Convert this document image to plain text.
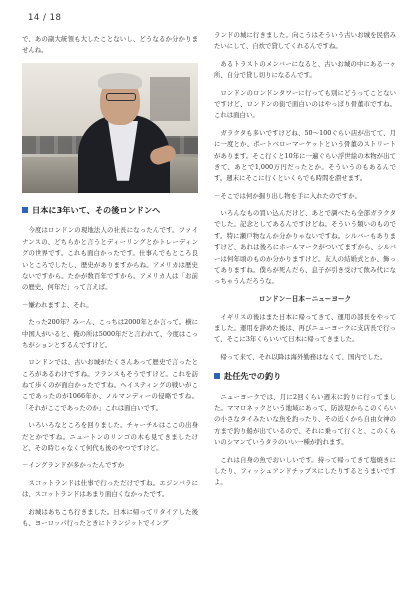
14 / 18

で、あの副大統領も大したことないし、どうなるか分かりませんね。

日本に3年いて、その後ロンドンへ

今度はロンドンの現地法人の社長になったんです。ファイナンスの、どちらかと言うとディーリングとかトレーディングの世界です。これも面白かったです。仕事んでもところ良いところでしたし、歴史がありますからね。アメリカは歴史ないですから。たかが数百年ですから。アメリカ人は「お前の歴史、何年だ」って言えば。

－嫌われますよ、それ。

たった200年？みーん、こっちは2000年とか言って。横に中国人がいると、俺の所は5000年だと言われて、今度はこっちがションとするんですけど。

ロンドンでは、古いお城がたくさんあって歴史で言ったところがあるわけですね。フランスもそうですけど。これを訪ねて歩くのが面白かったですね。ヘイスティングの戦いがここであったのが1066年か、ノルマンディーの侵略ですね。「それがここであったのか」これは面白いです。

いろいろなところを回りました。チャーチルはここの出身だとかですね。ニュートンのリンゴの木も見てきましたけど、その時じゃなくて何代も後のやつですけど。

－イングランドが多かったんですか

スコットランドは仕事で行っただけですね。エジンバラには、スコットランドはあまり面白くなかったです。

お城はあちこち行きました。日本に帰ってリタイアした後も、ヨーロッパ行ったときにトランジットでイング

ランドの城に行きました。向こうはそういう古いお城を民宿みたいにして、自炊で貸してくれるんですね。

あるトラストのメンバーになると、古いお城の中にある一ヶ所、自分で貸し切りになるんです。

ロンドンのロンドンタワーに行っても別にどうってことないですけど、ロンドンの街で面白いのはやっぱり骨董市ですね。これは面白い。

ガラクタも多いですけどね、50～100ぐらい店が出てて、月に一度とか、ポートベローマーケットという骨董のストリートがあります。そこ行くと10年に一遍ぐらい浮世絵の本物が出てきて、あとで1,000万円だったとか。そういうのもあるんです。週末にそこに行くといくらでも時間を潰せます。

－そこでは何か掘り出し物を手に入れたのですか。

いろんなもの買い込んだけど、あとで調べたら全部ガラクタでした。記念としてあるんですけどね。そういう類いのものです。特に瀬戸物なんか分かりゃないですね。シルバーもありますけど、あれは後ろにホールマークがついてますから、シルバーは何年頃のものか分かりますけど。友人の結婚式とか、飾ってありますね。僕らが死んだら、息子が引き受けて飲み代になっちゃうんだろうな。

ロンドン－日本－ニューヨーク

イギリスの後はまた日本に帰ってきて、運用の部長をやってました。運用を辞めた後は、再びニューヨークに支店長で行って、そこに3年くらいいて日本に帰ってきました。

帰って来て、それ以降は海外勤務はなくて、国内でした。

赴任先での釣り

ニューヨークでは、月に2回くらい週末に釣りに行ってました。ママロネックという地域にあって、防波堤からこのくらいの小さなタイみたいな魚を釣ったり、その近くから自由女神の方まで釣り船が出ているので、それに乗って行くと、このくらいのシマンていうタラのいい一種が釣れます。

これは自身の魚でおいしいです。持って帰ってきて塩焼きにしたり、フィッシュアンドチップスにしたりするとうまいですよ。
